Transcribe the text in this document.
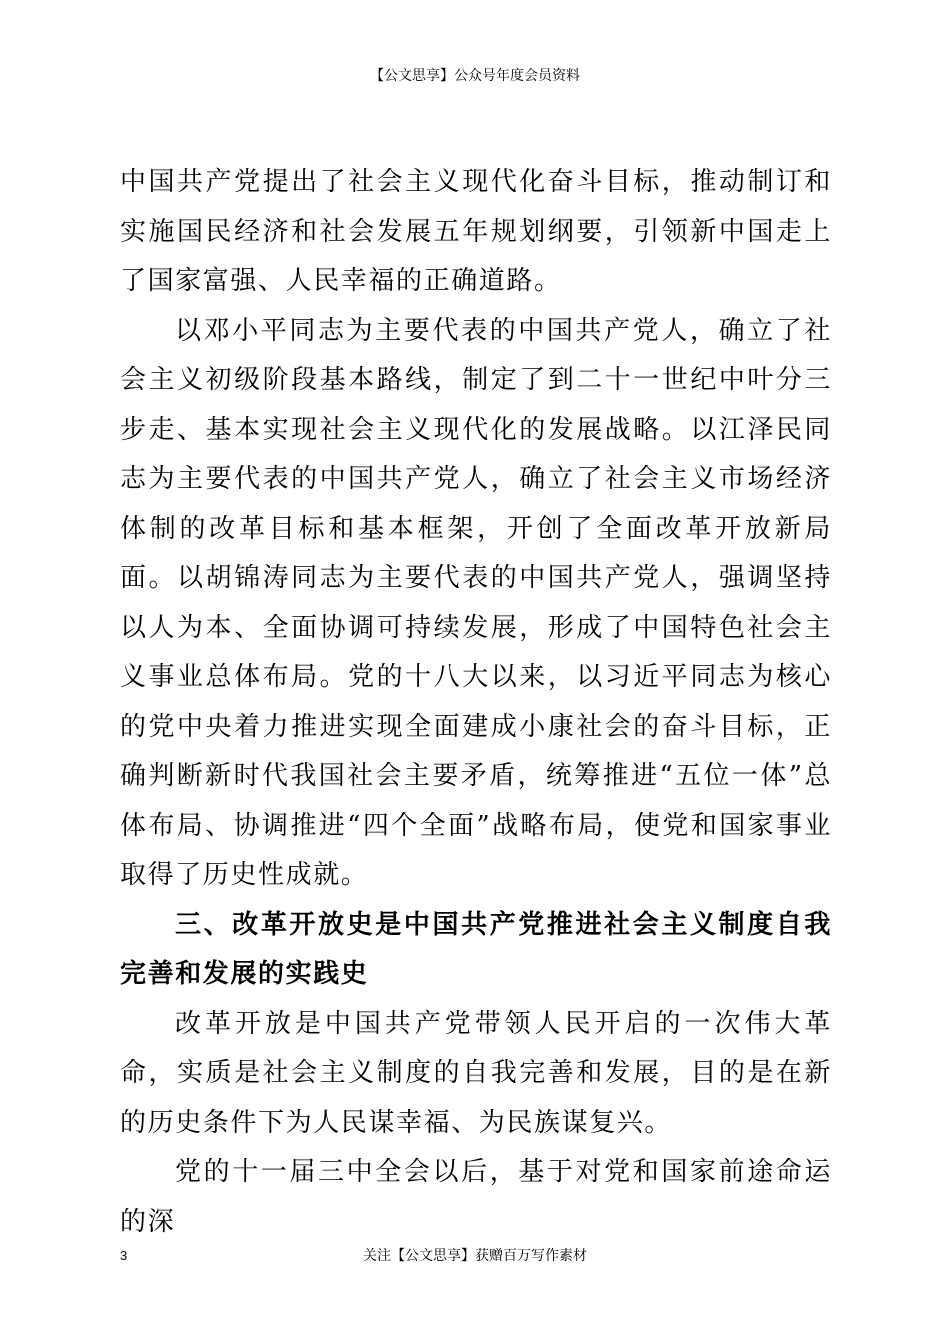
【公文思享】公众号年度会员资料

中国共产党提出了社会主义现代化奋斗目标，推动制订和实施国民经济和社会发展五年规划纲要，引领新中国走上了国家富强、人民幸福的正确道路。

以邓小平同志为主要代表的中国共产党人，确立了社会主义初级阶段基本路线，制定了到二十一世纪中叶分三步走、基本实现社会主义现代化的发展战略。以江泽民同志为主要代表的中国共产党人，确立了社会主义市场经济体制的改革目标和基本框架，开创了全面改革开放新局面。以胡锦涛同志为主要代表的中国共产党人，强调坚持以人为本、全面协调可持续发展，形成了中国特色社会主义事业总体布局。党的十八大以来，以习近平同志为核心的党中央着力推进实现全面建成小康社会的奋斗目标，正确判断新时代我国社会主要矛盾，统筹推进“五位一体”总体布局、协调推进“四个全面”战略布局，使党和国家事业取得了历史性成就。

三、改革开放史是中国共产党推进社会主义制度自我完善和发展的实践史

改革开放是中国共产党带领人民开启的一次伟大革命，实质是社会主义制度的自我完善和发展，目的是在新的历史条件下为人民谋幸福、为民族谋复兴。

党的十一届三中全会以后，基于对党和国家前途命运的深

3	关注【公文思享】获赠百万写作素材
